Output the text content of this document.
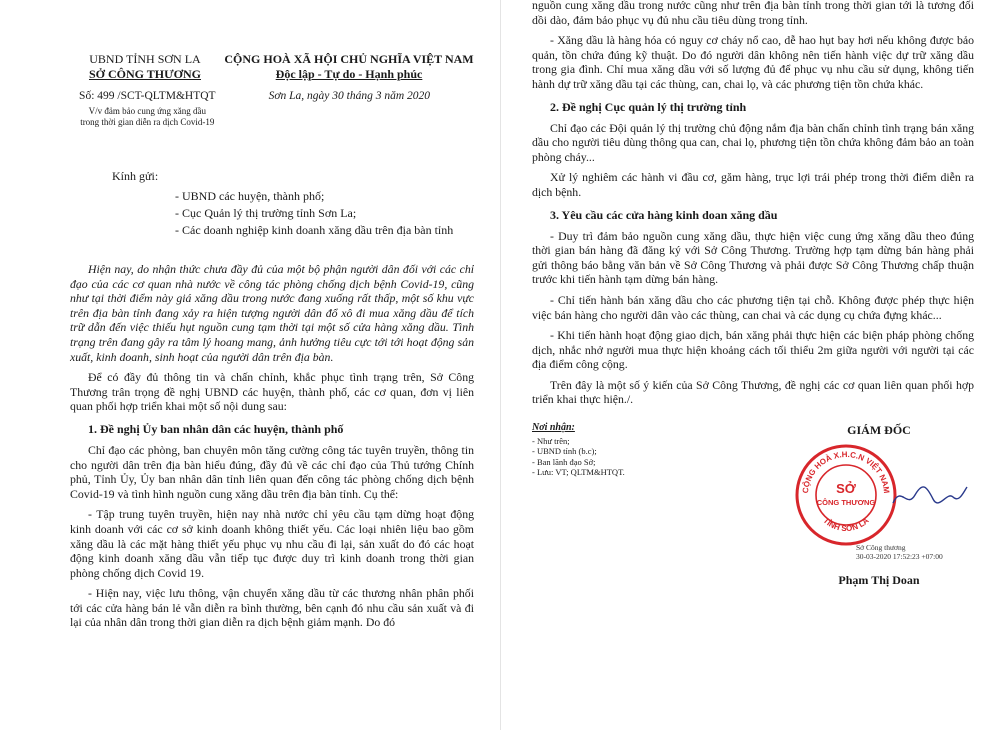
UBND TỈNH SƠN LA
SỞ CÔNG THƯƠNG
CỘNG HOÀ XÃ HỘI CHỦ NGHĨA VIỆT NAM
Độc lập - Tự do - Hạnh phúc
Số: 499 /SCT-QLTM&HTQT
V/v đảm bảo cung ứng xăng dầu
trong thời gian diễn ra dịch Covid-19
Sơn La, ngày 30 tháng 3 năm 2020
Kính gửi:
- UBND các huyện, thành phố;
- Cục Quản lý thị trường tỉnh Sơn La;
- Các doanh nghiệp kinh doanh xăng dầu trên địa bàn tỉnh

Hiện nay, do nhận thức chưa đầy đủ của một bộ phận người dân đối với các chỉ đạo của các cơ quan nhà nước về công tác phòng chống dịch bệnh Covid-19, cũng như tại thời điểm này giá xăng dầu trong nước đang xuống rất thấp, một số khu vực trên địa bàn tỉnh đang xảy ra hiện tượng người dân đổ xô đi mua xăng dầu để tích trữ dẫn đến việc thiếu hụt nguồn cung tạm thời tại một số cửa hàng xăng dầu. Tình trạng trên đang gây ra tâm lý hoang mang, ảnh hưởng tiêu cực tới tới hoạt động sản xuất, kinh doanh, sinh hoạt của người dân trên địa bàn.

Để có đầy đủ thông tin và chấn chỉnh, khắc phục tình trạng trên, Sở Công Thương trân trọng đề nghị UBND các huyện, thành phố, các cơ quan, đơn vị liên quan phối hợp triển khai một số nội dung sau:

1. Đề nghị Ủy ban nhân dân các huyện, thành phố

Chỉ đạo các phòng, ban chuyên môn tăng cường công tác tuyên truyền, thông tin cho người dân trên địa bàn hiểu đúng, đầy đủ về các chỉ đạo của Thủ tướng Chính phủ, Tỉnh Ủy, Ủy ban nhân dân tỉnh liên quan đến công tác phòng chống dịch bệnh Covid-19 và tình hình nguồn cung xăng dầu trên địa bàn tỉnh. Cụ thể:

- Tập trung tuyên truyền, hiện nay nhà nước chỉ yêu cầu tạm dừng hoạt động kinh doanh với các cơ sở kinh doanh không thiết yếu. Các loại nhiên liệu bao gồm xăng dầu là các mặt hàng thiết yếu phục vụ nhu cầu đi lại, sản xuất do đó các hoạt động kinh doanh xăng dầu vẫn tiếp tục được duy trì kinh doanh trong thời gian phòng chống dịch Covid 19.

- Hiện nay, việc lưu thông, vận chuyển xăng dầu từ các thương nhân phân phối tới các cửa hàng bán lẻ vẫn diễn ra bình thường, bên cạnh đó nhu cầu sản xuất và đi lại của nhân dân trong thời gian diễn ra dịch bệnh giảm mạnh. Do đó

nguồn cung xăng dầu trong nước cũng như trên địa bàn tỉnh trong thời gian tới là tương đối dồi dào, đảm bảo phục vụ đủ nhu cầu tiêu dùng trong tỉnh.

- Xăng dầu là hàng hóa có nguy cơ cháy nổ cao, dễ hao hụt bay hơi nếu không được bảo quản, tồn chứa đúng kỹ thuật. Do đó người dân không nên tiến hành việc dự trữ xăng dầu trong gia đình. Chỉ mua xăng dầu với số lượng đủ để phục vụ nhu cầu sử dụng, không tiến hành dự trữ xăng dầu tại các thùng, can, chai lọ, và các phương tiện tồn chứa khác.

2. Đề nghị Cục quản lý thị trường tỉnh

Chỉ đạo các Đội quản lý thị trường chủ động nắm địa bàn chấn chỉnh tình trạng bán xăng dầu cho người tiêu dùng thông qua can, chai lọ, phương tiện tồn chứa không đảm bảo an toàn phòng cháy...

Xử lý nghiêm các hành vi đầu cơ, găm hàng, trục lợi trái phép trong thời điểm diễn ra dịch bệnh.

3. Yêu cầu các cửa hàng kinh doan xăng dầu

- Duy trì đảm bảo nguồn cung xăng dầu, thực hiện việc cung ứng xăng dầu theo đúng thời gian bán hàng đã đăng ký với Sở Công Thương. Trường hợp tạm dừng bán hàng phải gửi thông báo bằng văn bản về Sở Công Thương và phải được Sở Công Thương chấp thuận trước khi tiến hành tạm dừng bán hàng.

- Chỉ tiến hành bán xăng dầu cho các phương tiện tại chỗ. Không được phép thực hiện việc bán hàng cho người dân vào các thùng, can chai và các dụng cụ chứa đựng khác...

- Khi tiến hành hoạt động giao dịch, bán xăng phải thực hiện các biện pháp phòng chống dịch, nhắc nhở người mua thực hiện khoảng cách tối thiểu 2m giữa người với người tại các địa điểm công cộng.

Trên đây là một số ý kiến của Sở Công Thương, đề nghị các cơ quan liên quan phối hợp triển khai thực hiện./.

Nơi nhận:
- Như trên;
- UBND tỉnh (b.c);
- Ban lãnh đạo Sở;
- Lưu: VT; QLTM&HTQT.
GIÁM ĐỐC
CỘNG HOÀ X.H.C.N VIỆT NAM
TỈNH SƠN LA
SỞ
CÔNG THƯƠNG
Sở Công thương
30-03-2020 17:52:23 +07:00
Phạm Thị Doan
